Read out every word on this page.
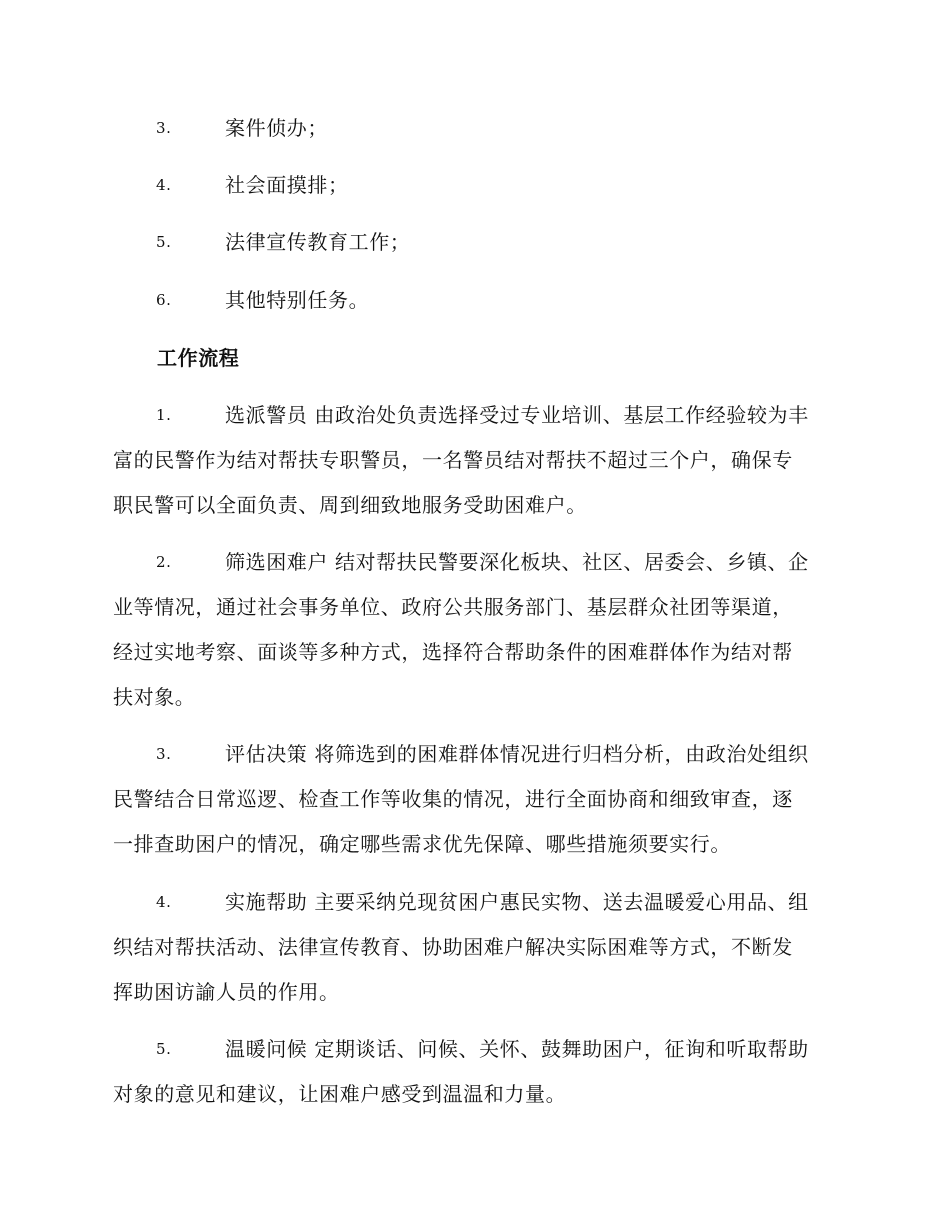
3.	案件侦办；
4.	社会面摸排；
5.	法律宣传教育工作；
6.	其他特别任务。
工作流程
1.	选派警员 由政治处负责选择受过专业培训、基层工作经验较为丰
富的民警作为结对帮扶专职警员，一名警员结对帮扶不超过三个户，确保专
职民警可以全面负责、周到细致地服务受助困难户。
2.	筛选困难户 结对帮扶民警要深化板块、社区、居委会、乡镇、企
业等情况，通过社会事务单位、政府公共服务部门、基层群众社团等渠道，
经过实地考察、面谈等多种方式，选择符合帮助条件的困难群体作为结对帮
扶对象。
3.	评估决策 将筛选到的困难群体情况进行归档分析，由政治处组织
民警结合日常巡逻、检查工作等收集的情况，进行全面协商和细致审查，逐
一排查助困户的情况，确定哪些需求优先保障、哪些措施须要实行。
4.	实施帮助 主要采纳兑现贫困户惠民实物、送去温暖爱心用品、组
织结对帮扶活动、法律宣传教育、协助困难户解决实际困难等方式，不断发
挥助困访諭人员的作用。
5.	温暖问候 定期谈话、问候、关怀、鼓舞助困户，征询和听取帮助
对象的意见和建议，让困难户感受到温温和力量。
